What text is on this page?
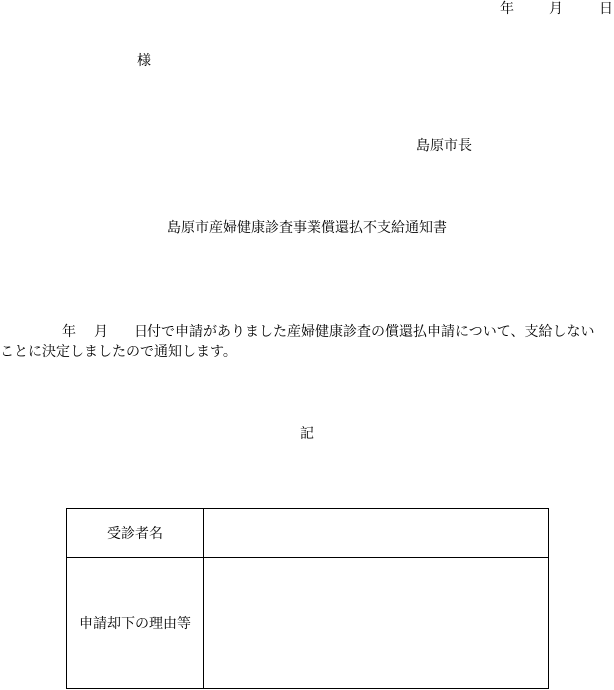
年	月	日
様
島原市長
島原市産婦健康診査事業償還払不支給通知書
年 月 日 付で申請がありました産婦健康診査の償還払申請について、支給しない
ことに決定しましたので通知します。
記
受診者名	
申請却下の理由等	
